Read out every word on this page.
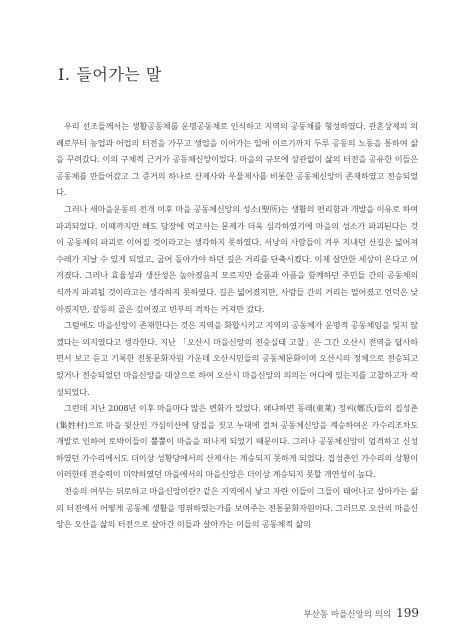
Ⅰ. 들어가는 말

우리 선조들께서는 생활공동체를 운명공동체로 인식하고 지역의 공동체를 형성하였다. 관혼상제의 의례로부터 농업과 어업의 터전을 가꾸고 생업을 이어가는 일에 이르기까지 두루 공동의 노동을 통하여 삶을 꾸려갔다. 이의 구체적 근거가 공동체신앙이었다. 마을의 규모에 상관없이 삶의 터전을 공유한 이들은 공동체를 만들어갔고 그 증거의 하나로 산제사와 우물제사를 비롯한 공동체신앙이 존재하였고 전승되었다.

그러나 새마을운동의 전개 이후 마을 공동체신앙의 성소(聖所)는 생활의 편리함과 개발을 이유로 하여 파괴되었다. 이때까지만 해도 당장에 먹고사는 문제가 더욱 심각하였기에 마을의 성소가 파괴된다는 것이 공동체의 파괴로 이어질 것이라고는 생각하지 못하였다. 서낭의 사람들이 겨우 지내던 산길은 넓어져 수레가 지날 수 있게 되었고, 굽어 돌아가야 하던 길은 거리를 단축시켰다. 이제 살만한 세상이 온다고 여겨졌다. 그러나 효율성과 생산성은 높아졌음지 모르지만 슬픔과 아픔을 함께하던 주민들 간의 공동체의식까지 파괴될 것이라고는 생각하지 못하였다. 길은 넓어졌지만, 사람들 간의 거리는 멀어졌고 언덕은 낮아졌지만, 갈등의 골은 깊어졌고 빈부의 격차는 커져만 갔다.

그럼에도 마을신앙이 존재한다는 것은 지역을 화합시키고 지역의 공동체가 운명적 공동체임을 잊지 않겠다는 의지였다고 생각한다. 지난 「오산시 마을신앙의 전승실태 고찰」은 그간 오산시 전역을 답사하면서 보고 듣고 기록한 전통문화자원 가운데 오산시민들의 공동체문화이며 오산시의 정체으로 전승되고 있거나 전승되었던 마을신앙을 대상으로 하여 오산시 마을신앙의 의의는 어디에 있는지를 고찰하고자 작성되었다.

그런데 지난 2008년 이후 마을마다 많은 변화가 있었다. 왜냐하면 동래(東萊) 정씨(鄭氏)들의 집성촌(集姓村)으로 마을 뒷산인 가심이산에 당집을 짓고 누대에 걸쳐 공동체신앙을 계승하여온 가수리조차도 개발로 인하여 토박이들이 뿔뿔이 마을을 떠나게 되었기 때문이다. 그러나 공동체신앙이 엄격하고 신성하였던 가수리에서도 더이상 성황당에서의 산제사는 계승되지 못하게 되었다. 집성촌인 가수리의 상황이 이러한데 전승력이 미약하였던 마을에서의 마을신앙은 더이상 계승되지 못할 개연성이 높다.

전승의 여부는 뒤로하고 마을신앙이란? 같은 지역에서 낳고 자란 이들이 그들이 태어나고 살아가는 삶의 터전에서 어떻게 공동체 생활을 영위하였는가를 보여주는 전통문화자원이다. 그러므로 오산의 마을신앙은 오산을 삶의 터전으로 살아간 이들과 살아가는 이들의 공동체적 삶의

부산동 마을신앙의 의의 199
